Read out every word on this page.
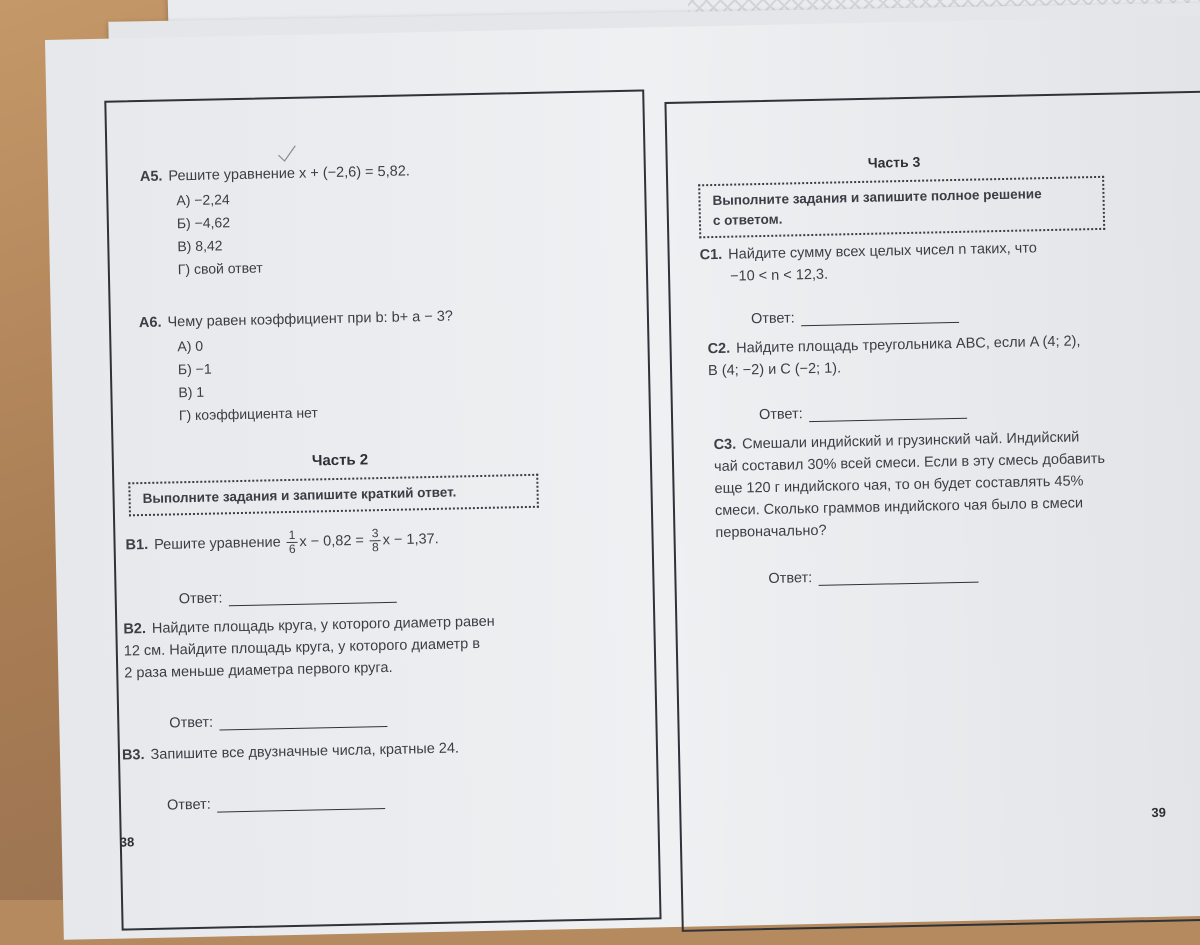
А5. Решите уравнение x + (−2,6) = 5,82.
А) −2,24
Б) −4,62
В) 8,42
Г) свой ответ
А6. Чему равен коэффициент при b: b+ a − 3?
А) 0
Б) −1
В) 1
Г) коэффициента нет
Часть 2
Выполните задания и запишите краткий ответ.
В1. Решите уравнение $\frac{1}{6}$ $x - 0,82 = \frac{3}{8}$ x − 1,37.
Ответ:
В2. Найдите площадь круга, у которого диаметр равен
12 см. Найдите площадь круга, у которого диаметр в
2 раза меньше диаметра первого круга.
Ответ:
В3. Запишите все двузначные числа, кратные 24.
Ответ:
38
Часть 3
Выполните задания и запишите полное решение
с ответом.
С1. Найдите сумму всех целых чисел n таких, что
−10 < n < 12,3.
Ответ:
С2. Найдите площадь треугольника ABC, если A (4; 2),
B (4; −2) и C (−2; 1).
Ответ:
С3. Смешали индийский и грузинский чай. Индийский
чай составил 30% всей смеси. Если в эту смесь добавить
еще 120 г индийского чая, то он будет составлять 45%
смеси. Сколько граммов индийского чая было в смеси
первоначально?
Ответ:
39
